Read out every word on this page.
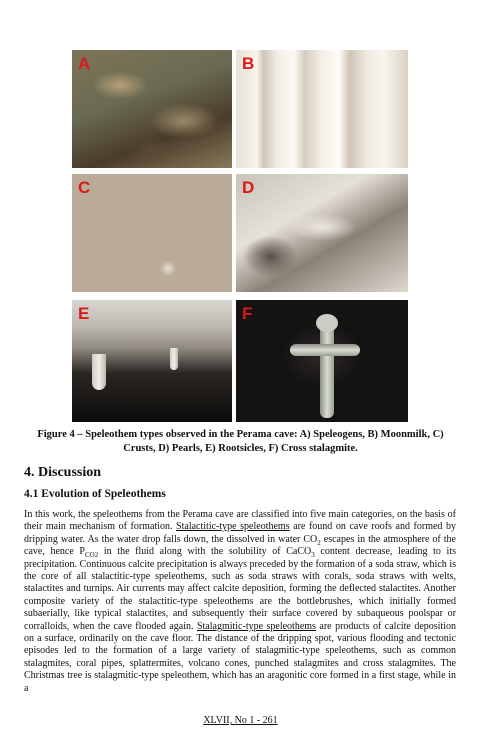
A	B
C	D
E	F
Figure 4 – Speleothem types observed in the Perama cave: A) Speleogens, B) Moonmilk, C)
Crusts, D) Pearls, E) Rootsicles, F) Cross stalagmite.
4. Discussion
4.1 Evolution of Speleothems
In this work, the speleothems from the Perama cave are classified into five main categories, on the basis of their main mechanism of formation. Stalactitic-type speleothems are found on cave roofs and formed by dripping water. As the water drop falls down, the dissolved in water $CO_2$ escapes in the atmosphere of the cave, hence $P_{CO2}$ in the fluid along with the solubility of CaCO$_3$ content decrease, leading to its precipitation. Continuous calcite precipitation is always preceded by the formation of a soda straw, which is the core of all stalactitic-type speleothems, such as soda straws with corals, soda straws with welts, stalactites and turnips. Air currents may affect calcite deposition, forming the deflected stalactites. Another composite variety of the stalactitic-type speleothems are the bottlebrushes, which initially formed subaerially, like typical stalactites, and subsequently their surface covered by subaqueous poolspar or corralloids, when the cave flooded again. Stalagmitic-type speleothems are products of calcite deposition on a surface, ordinarily on the cave floor. The distance of the dripping spot, various flooding and tectonic episodes led to the formation of a large variety of stalagmitic-type speleothems, such as common stalagmites, coral pipes, splattermites, volcano cones, punched stalagmites and cross stalagmites. The Christmas tree is stalagmitic-type speleothem, which has an aragonitic core formed in a first stage, while in a
XLVII, No 1 - 261
